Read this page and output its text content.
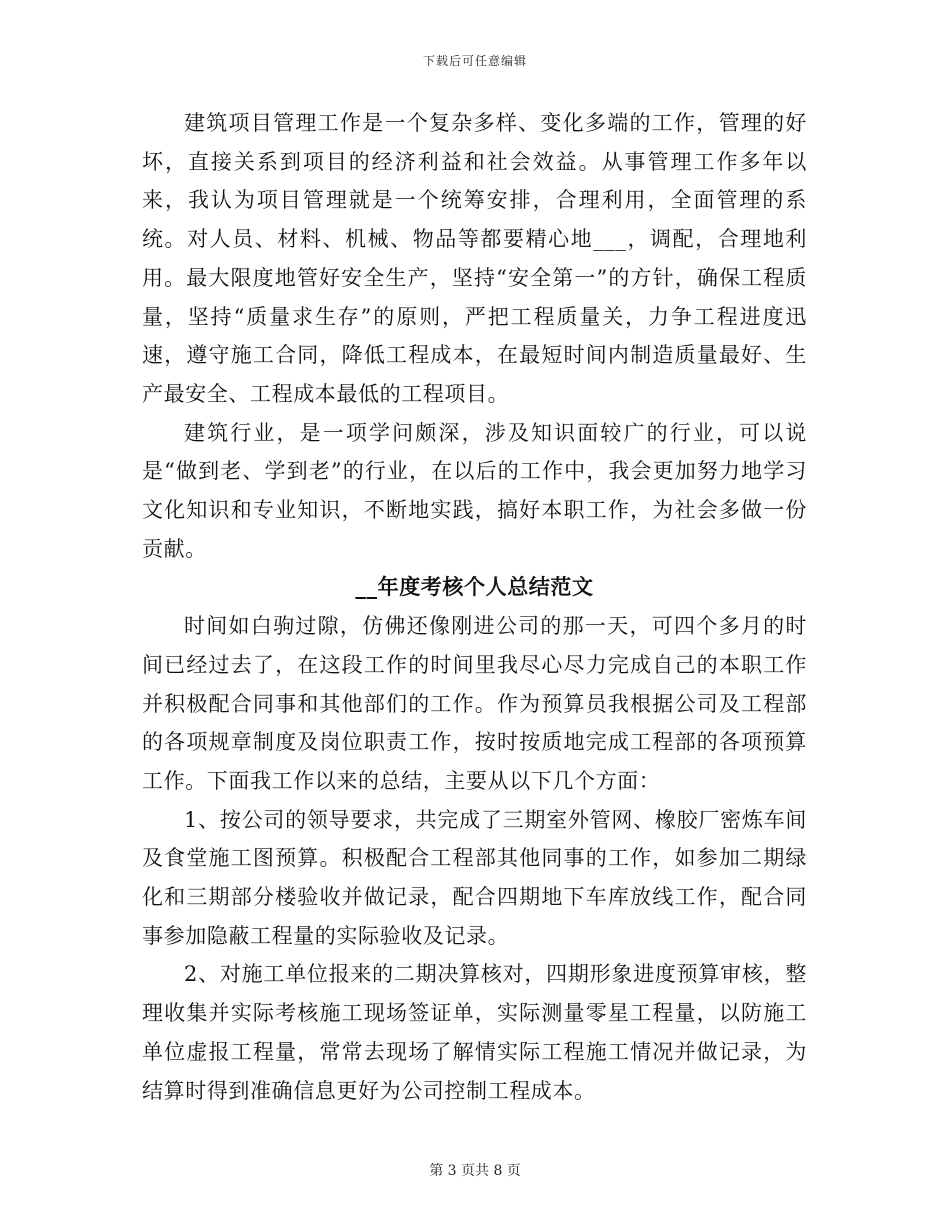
下载后可任意编辑

建筑项目管理工作是一个复杂多样、变化多端的工作，管理的好坏，直接关系到项目的经济利益和社会效益。从事管理工作多年以来，我认为项目管理就是一个统筹安排，合理利用，全面管理的系统。对人员、材料、机械、物品等都要精心地___，调配，合理地利用。最大限度地管好安全生产，坚持“安全第一”的方针，确保工程质量，坚持“质量求生存”的原则，严把工程质量关，力争工程进度迅速，遵守施工合同，降低工程成本，在最短时间内制造质量最好、生产最安全、工程成本最低的工程项目。

建筑行业，是一项学问颇深，涉及知识面较广的行业，可以说是“做到老、学到老”的行业，在以后的工作中，我会更加努力地学习文化知识和专业知识，不断地实践，搞好本职工作，为社会多做一份贡献。

__年度考核个人总结范文

时间如白驹过隙，仿佛还像刚进公司的那一天，可四个多月的时间已经过去了，在这段工作的时间里我尽心尽力完成自己的本职工作并积极配合同事和其他部们的工作。作为预算员我根据公司及工程部的各项规章制度及岗位职责工作，按时按质地完成工程部的各项预算工作。下面我工作以来的总结，主要从以下几个方面：

1、按公司的领导要求，共完成了三期室外管网、橡胶厂密炼车间及食堂施工图预算。积极配合工程部其他同事的工作，如参加二期绿化和三期部分楼验收并做记录，配合四期地下车库放线工作，配合同事参加隐蔽工程量的实际验收及记录。

2、对施工单位报来的二期决算核对，四期形象进度预算审核，整理收集并实际考核施工现场签证单，实际测量零星工程量，以防施工单位虚报工程量，常常去现场了解情实际工程施工情况并做记录，为结算时得到准确信息更好为公司控制工程成本。

第 3 页共 8 页
